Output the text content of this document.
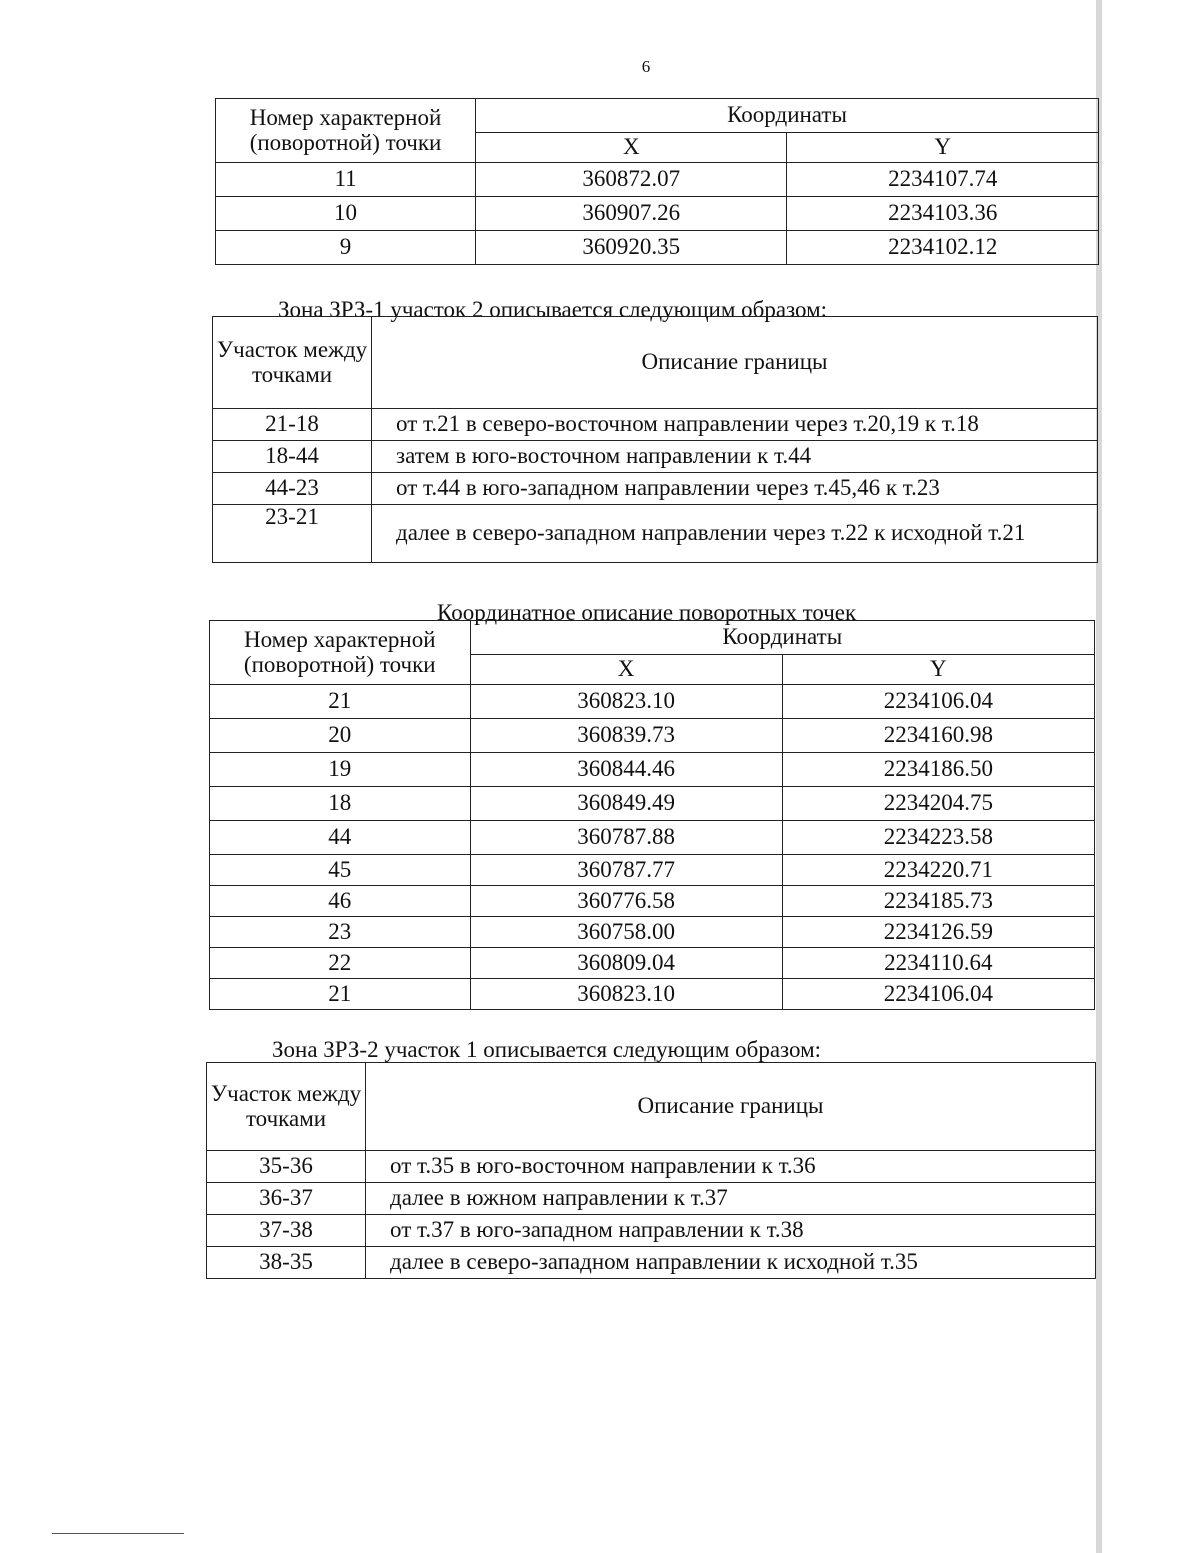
6
Номер характерной (поворотной) точки	Координаты	
	X	Y
11	360872.07	2234107.74
10	360907.26	2234103.36
9	360920.35	2234102.12
Зона ЗРЗ-1 участок 2 описывается следующим образом:
Участок между точками	Описание границы
21-18	от т.21 в северо-восточном направлении через т.20,19 к т.18
18-44	затем в юго-восточном направлении к т.44
44-23	от т.44 в юго-западном направлении через т.45,46 к т.23
23-21	далее в северо-западном направлении через т.22 к исходной т.21
Координатное описание поворотных точек
Номер характерной (поворотной) точки	Координаты	
	X	Y
21	360823.10	2234106.04
20	360839.73	2234160.98
19	360844.46	2234186.50
18	360849.49	2234204.75
44	360787.88	2234223.58
45	360787.77	2234220.71
46	360776.58	2234185.73
23	360758.00	2234126.59
22	360809.04	2234110.64
21	360823.10	2234106.04
Зона ЗРЗ-2 участок 1 описывается следующим образом:
Участок между точками	Описание границы
35-36	от т.35 в юго-восточном направлении к т.36
36-37	далее в южном направлении к т.37
37-38	от т.37 в юго-западном направлении к т.38
38-35	далее в северо-западном направлении к исходной т.35
